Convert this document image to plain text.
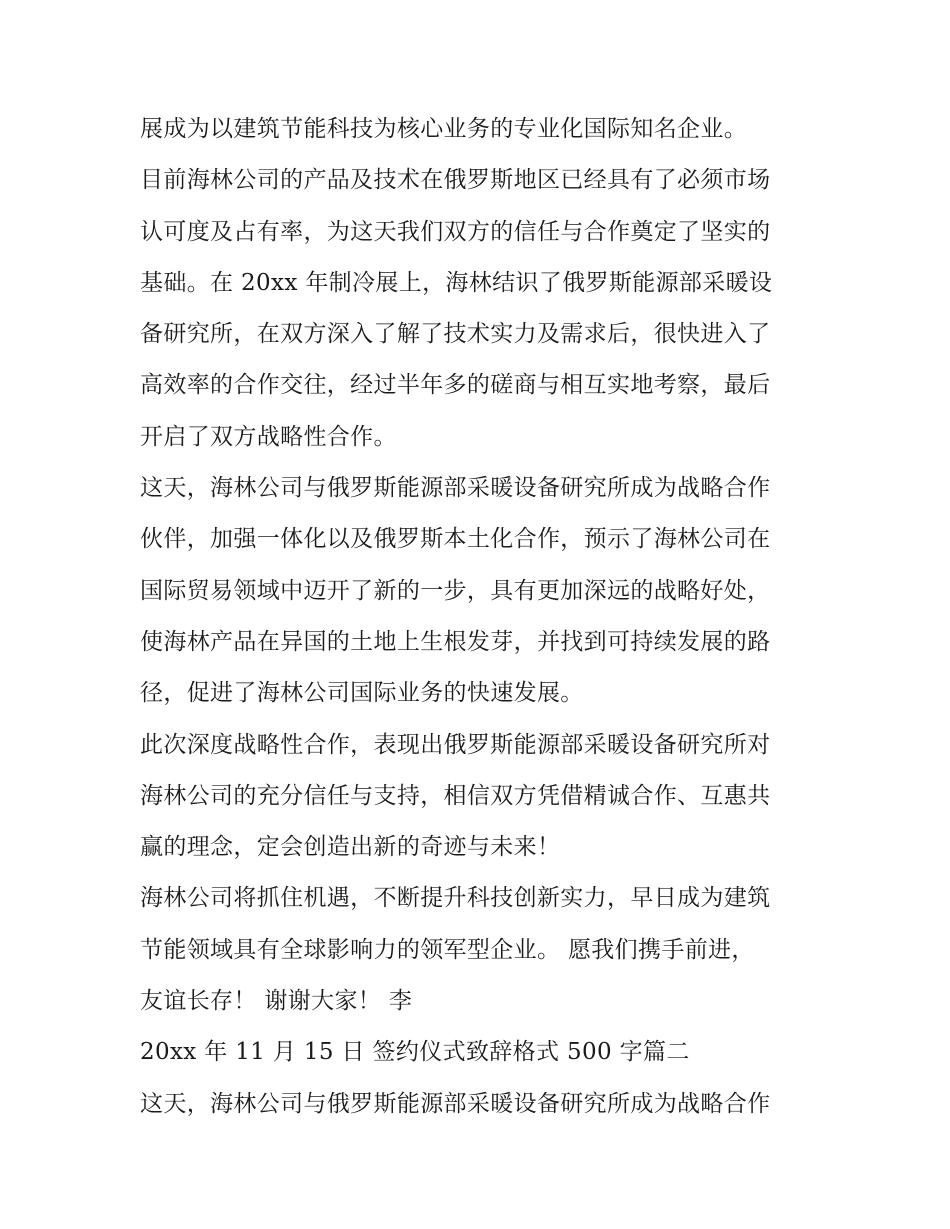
展成为以建筑节能科技为核心业务的专业化国际知名企业。
目前海林公司的产品及技术在俄罗斯地区已经具有了必须市场
认可度及占有率，为这天我们双方的信任与合作奠定了坚实的
基础。在 20xx 年制冷展上，海林结识了俄罗斯能源部采暖设
备研究所，在双方深入了解了技术实力及需求后，很快进入了
高效率的合作交往，经过半年多的磋商与相互实地考察，最后
开启了双方战略性合作。
这天，海林公司与俄罗斯能源部采暖设备研究所成为战略合作
伙伴，加强一体化以及俄罗斯本土化合作，预示了海林公司在
国际贸易领域中迈开了新的一步，具有更加深远的战略好处，
使海林产品在异国的土地上生根发芽，并找到可持续发展的路
径，促进了海林公司国际业务的快速发展。
此次深度战略性合作，表现出俄罗斯能源部采暖设备研究所对
海林公司的充分信任与支持，相信双方凭借精诚合作、互惠共
赢的理念，定会创造出新的奇迹与未来！
海林公司将抓住机遇，不断提升科技创新实力，早日成为建筑
节能领域具有全球影响力的领军型企业。 愿我们携手前进，
友谊长存！ 谢谢大家！ 李
20xx 年 11 月 15 日 签约仪式致辞格式 500 字篇二
这天，海林公司与俄罗斯能源部采暖设备研究所成为战略合作
